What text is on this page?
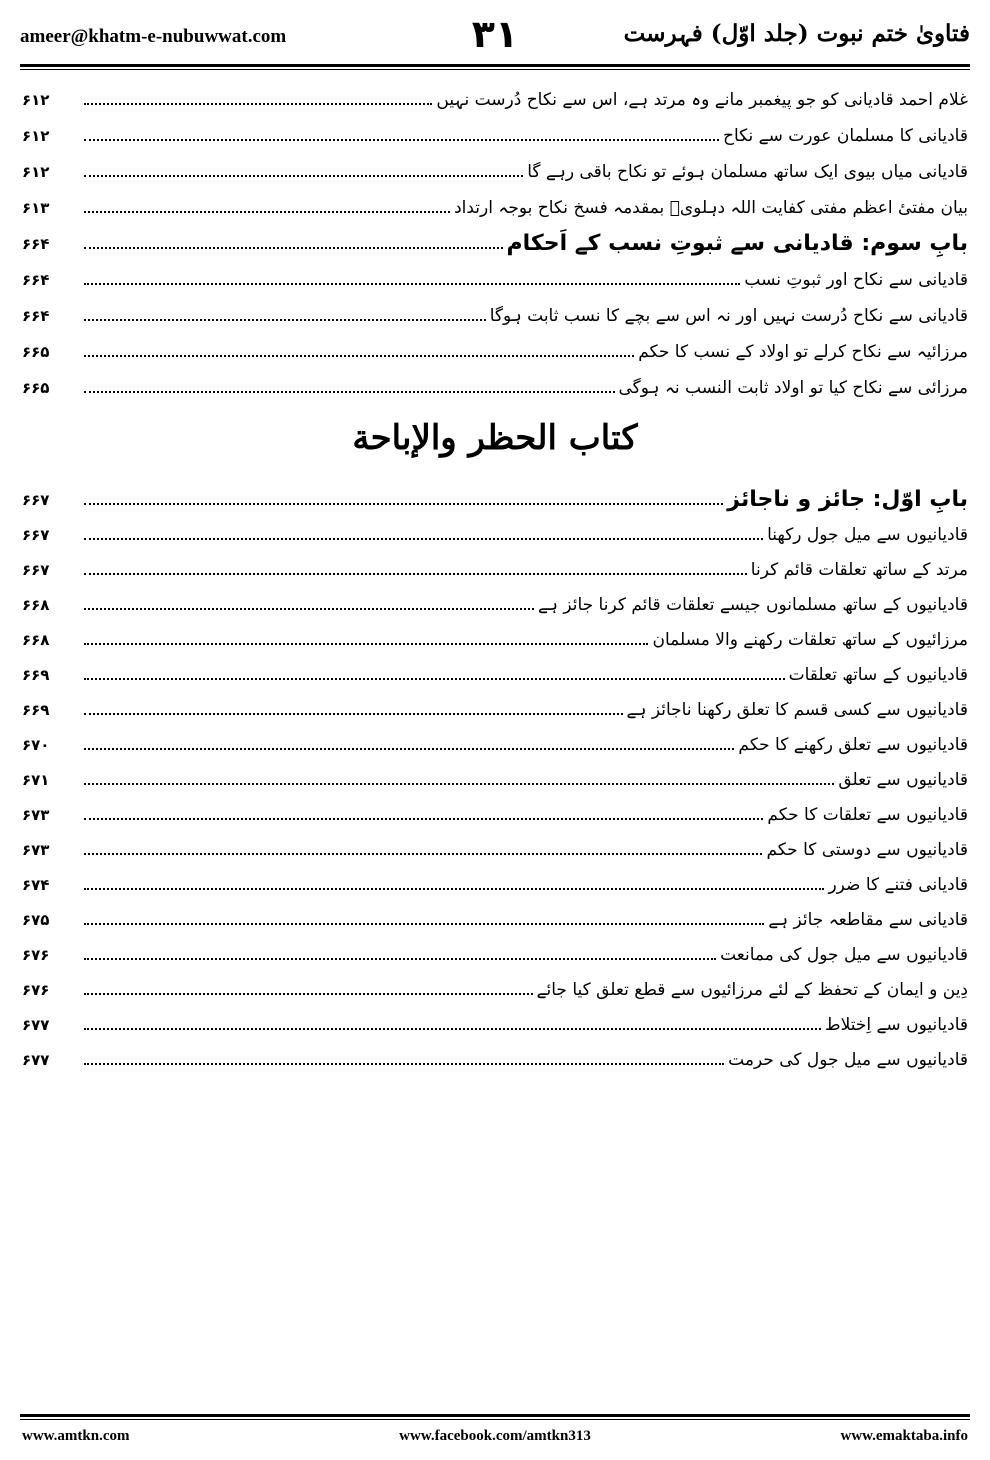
ameer@khatm-e-nubuwwat.com	۳۱	فتاویٰ ختم نبوت (جلد اوّل) فہرست
غلام احمد قادیانی کو جو پیغمبر مانے وہ مرتد ہے، اس سے نکاح دُرست نہیں
۶۱۲
قادیانی کا مسلمان عورت سے نکاح
۶۱۲
قادیانی میاں بیوی ایک ساتھ مسلمان ہوئے تو نکاح باقی رہے گا
۶۱۲
بیان مفتیٔ اعظم مفتی کفایت اللہ دہلویؒ بمقدمہ فسخ نکاح بوجہ ارتداد
۶۱۳
بابِ سوم: قادیانی سے ثبوتِ نسب کے اَحکام
۶۶۴
قادیانی سے نکاح اور ثبوتِ نسب
۶۶۴
قادیانی سے نکاح دُرست نہیں اور نہ اس سے بچے کا نسب ثابت ہوگا
۶۶۴
مرزائیہ سے نکاح کرلے تو اولاد کے نسب کا حکم
۶۶۵
مرزائی سے نکاح کیا تو اولاد ثابت النسب نہ ہوگی
۶۶۵
كتاب الحظر والإباحة
بابِ اوّل: جائز و ناجائز
۶۶۷
قادیانیوں سے میل جول رکھنا
۶۶۷
مرتد کے ساتھ تعلقات قائم کرنا
۶۶۷
قادیانیوں کے ساتھ مسلمانوں جیسے تعلقات قائم کرنا جائز ہے
۶۶۸
مرزائیوں کے ساتھ تعلقات رکھنے والا مسلمان
۶۶۸
قادیانیوں کے ساتھ تعلقات
۶۶۹
قادیانیوں سے کسی قسم کا تعلق رکھنا ناجائز ہے
۶۶۹
قادیانیوں سے تعلق رکھنے کا حکم
۶۷۰
قادیانیوں سے تعلق
۶۷۱
قادیانیوں سے تعلقات کا حکم
۶۷۳
قادیانیوں سے دوستی کا حکم
۶۷۳
قادیانی فتنے کا ضرر
۶۷۴
قادیانی سے مقاطعہ جائز ہے
۶۷۵
قادیانیوں سے میل جول کی ممانعت
۶۷۶
دِین و ایمان کے تحفظ کے لئے مرزائیوں سے قطع تعلق کیا جائے
۶۷۶
قادیانیوں سے اِختلاط
۶۷۷
قادیانیوں سے میل جول کی حرمت
۶۷۷
www.amtkn.com	www.facebook.com/amtkn313	www.emaktaba.info
